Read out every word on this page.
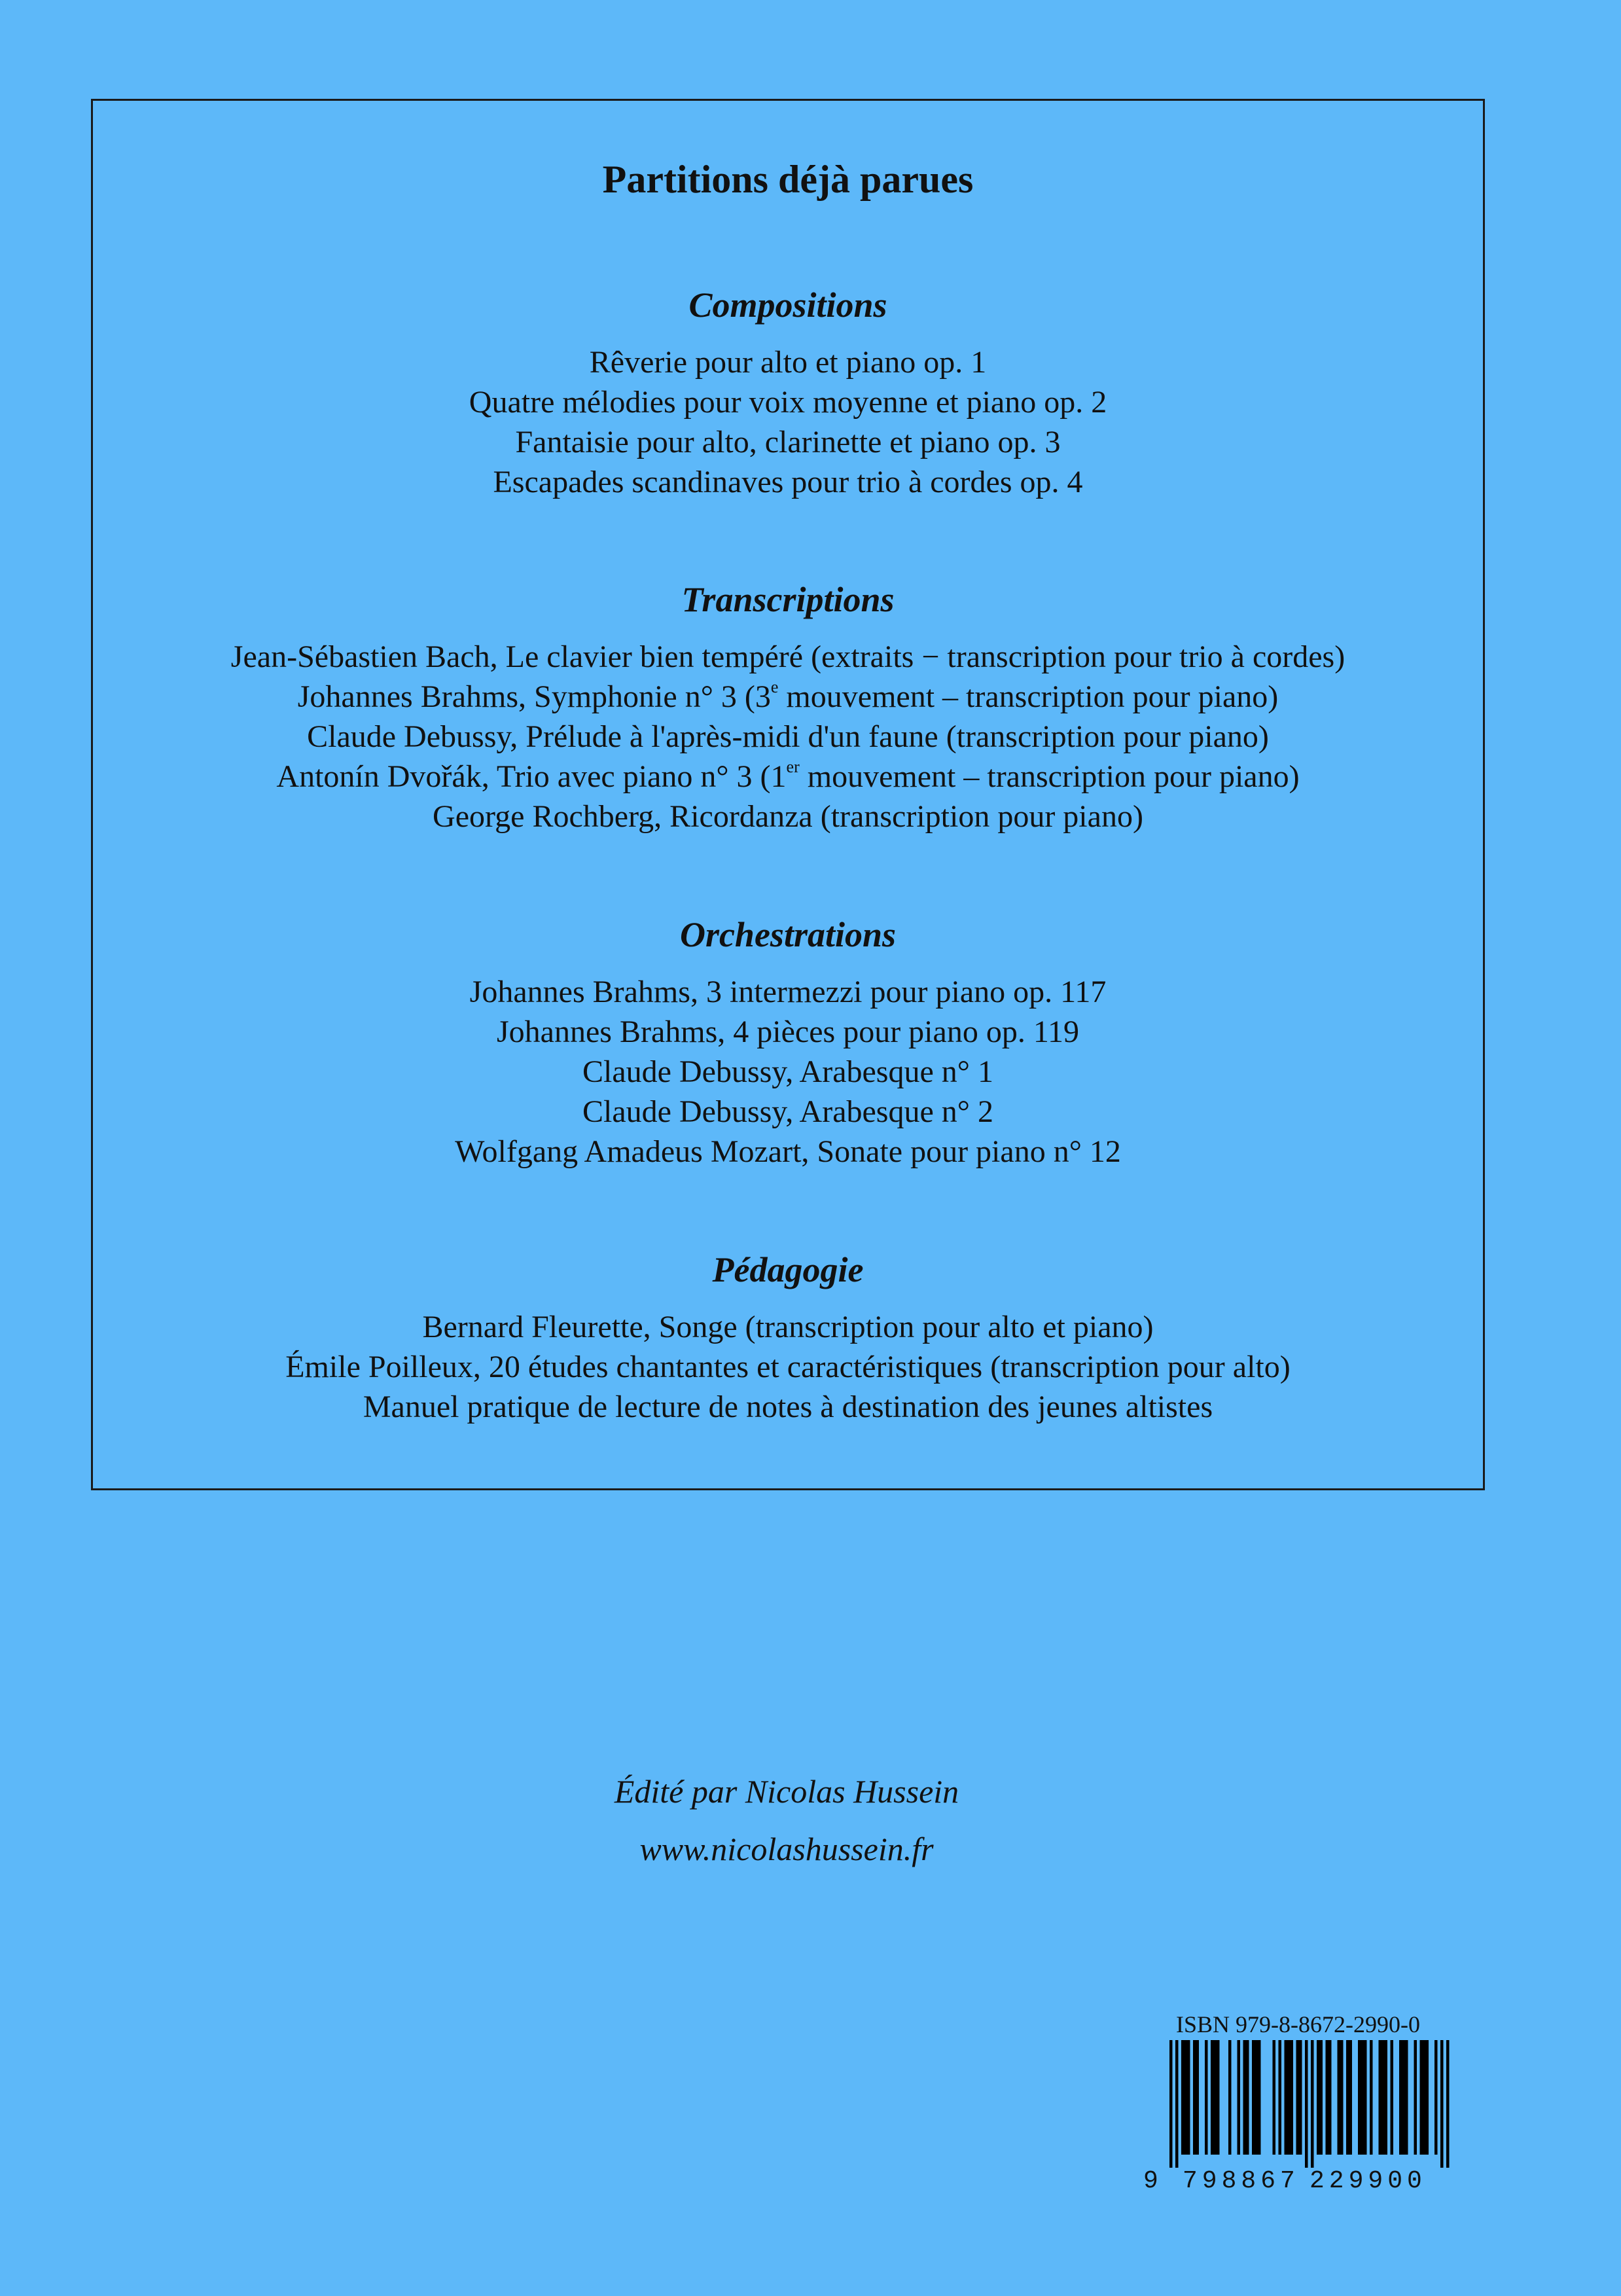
Partitions déjà parues
Compositions
Rêverie pour alto et piano op. 1
Quatre mélodies pour voix moyenne et piano op. 2
Fantaisie pour alto, clarinette et piano op. 3
Escapades scandinaves pour trio à cordes op. 4
Transcriptions
Jean-Sébastien Bach, Le clavier bien tempéré (extraits − transcription pour trio à cordes)
Johannes Brahms, Symphonie n° 3 (3e mouvement – transcription pour piano)
Claude Debussy, Prélude à l'après-midi d'un faune (transcription pour piano)
Antonín Dvořák, Trio avec piano n° 3 (1er mouvement – transcription pour piano)
George Rochberg, Ricordanza (transcription pour piano)
Orchestrations
Johannes Brahms, 3 intermezzi pour piano op. 117
Johannes Brahms, 4 pièces pour piano op. 119
Claude Debussy, Arabesque n° 1
Claude Debussy, Arabesque n° 2
Wolfgang Amadeus Mozart, Sonate pour piano n° 12
Pédagogie
Bernard Fleurette, Songe (transcription pour alto et piano)
Émile Poilleux, 20 études chantantes et caractéristiques (transcription pour alto)
Manuel pratique de lecture de notes à destination des jeunes altistes
Édité par Nicolas Hussein
www.nicolashussein.fr
ISBN 979-8-8672-2990-0
9 798867 229900
